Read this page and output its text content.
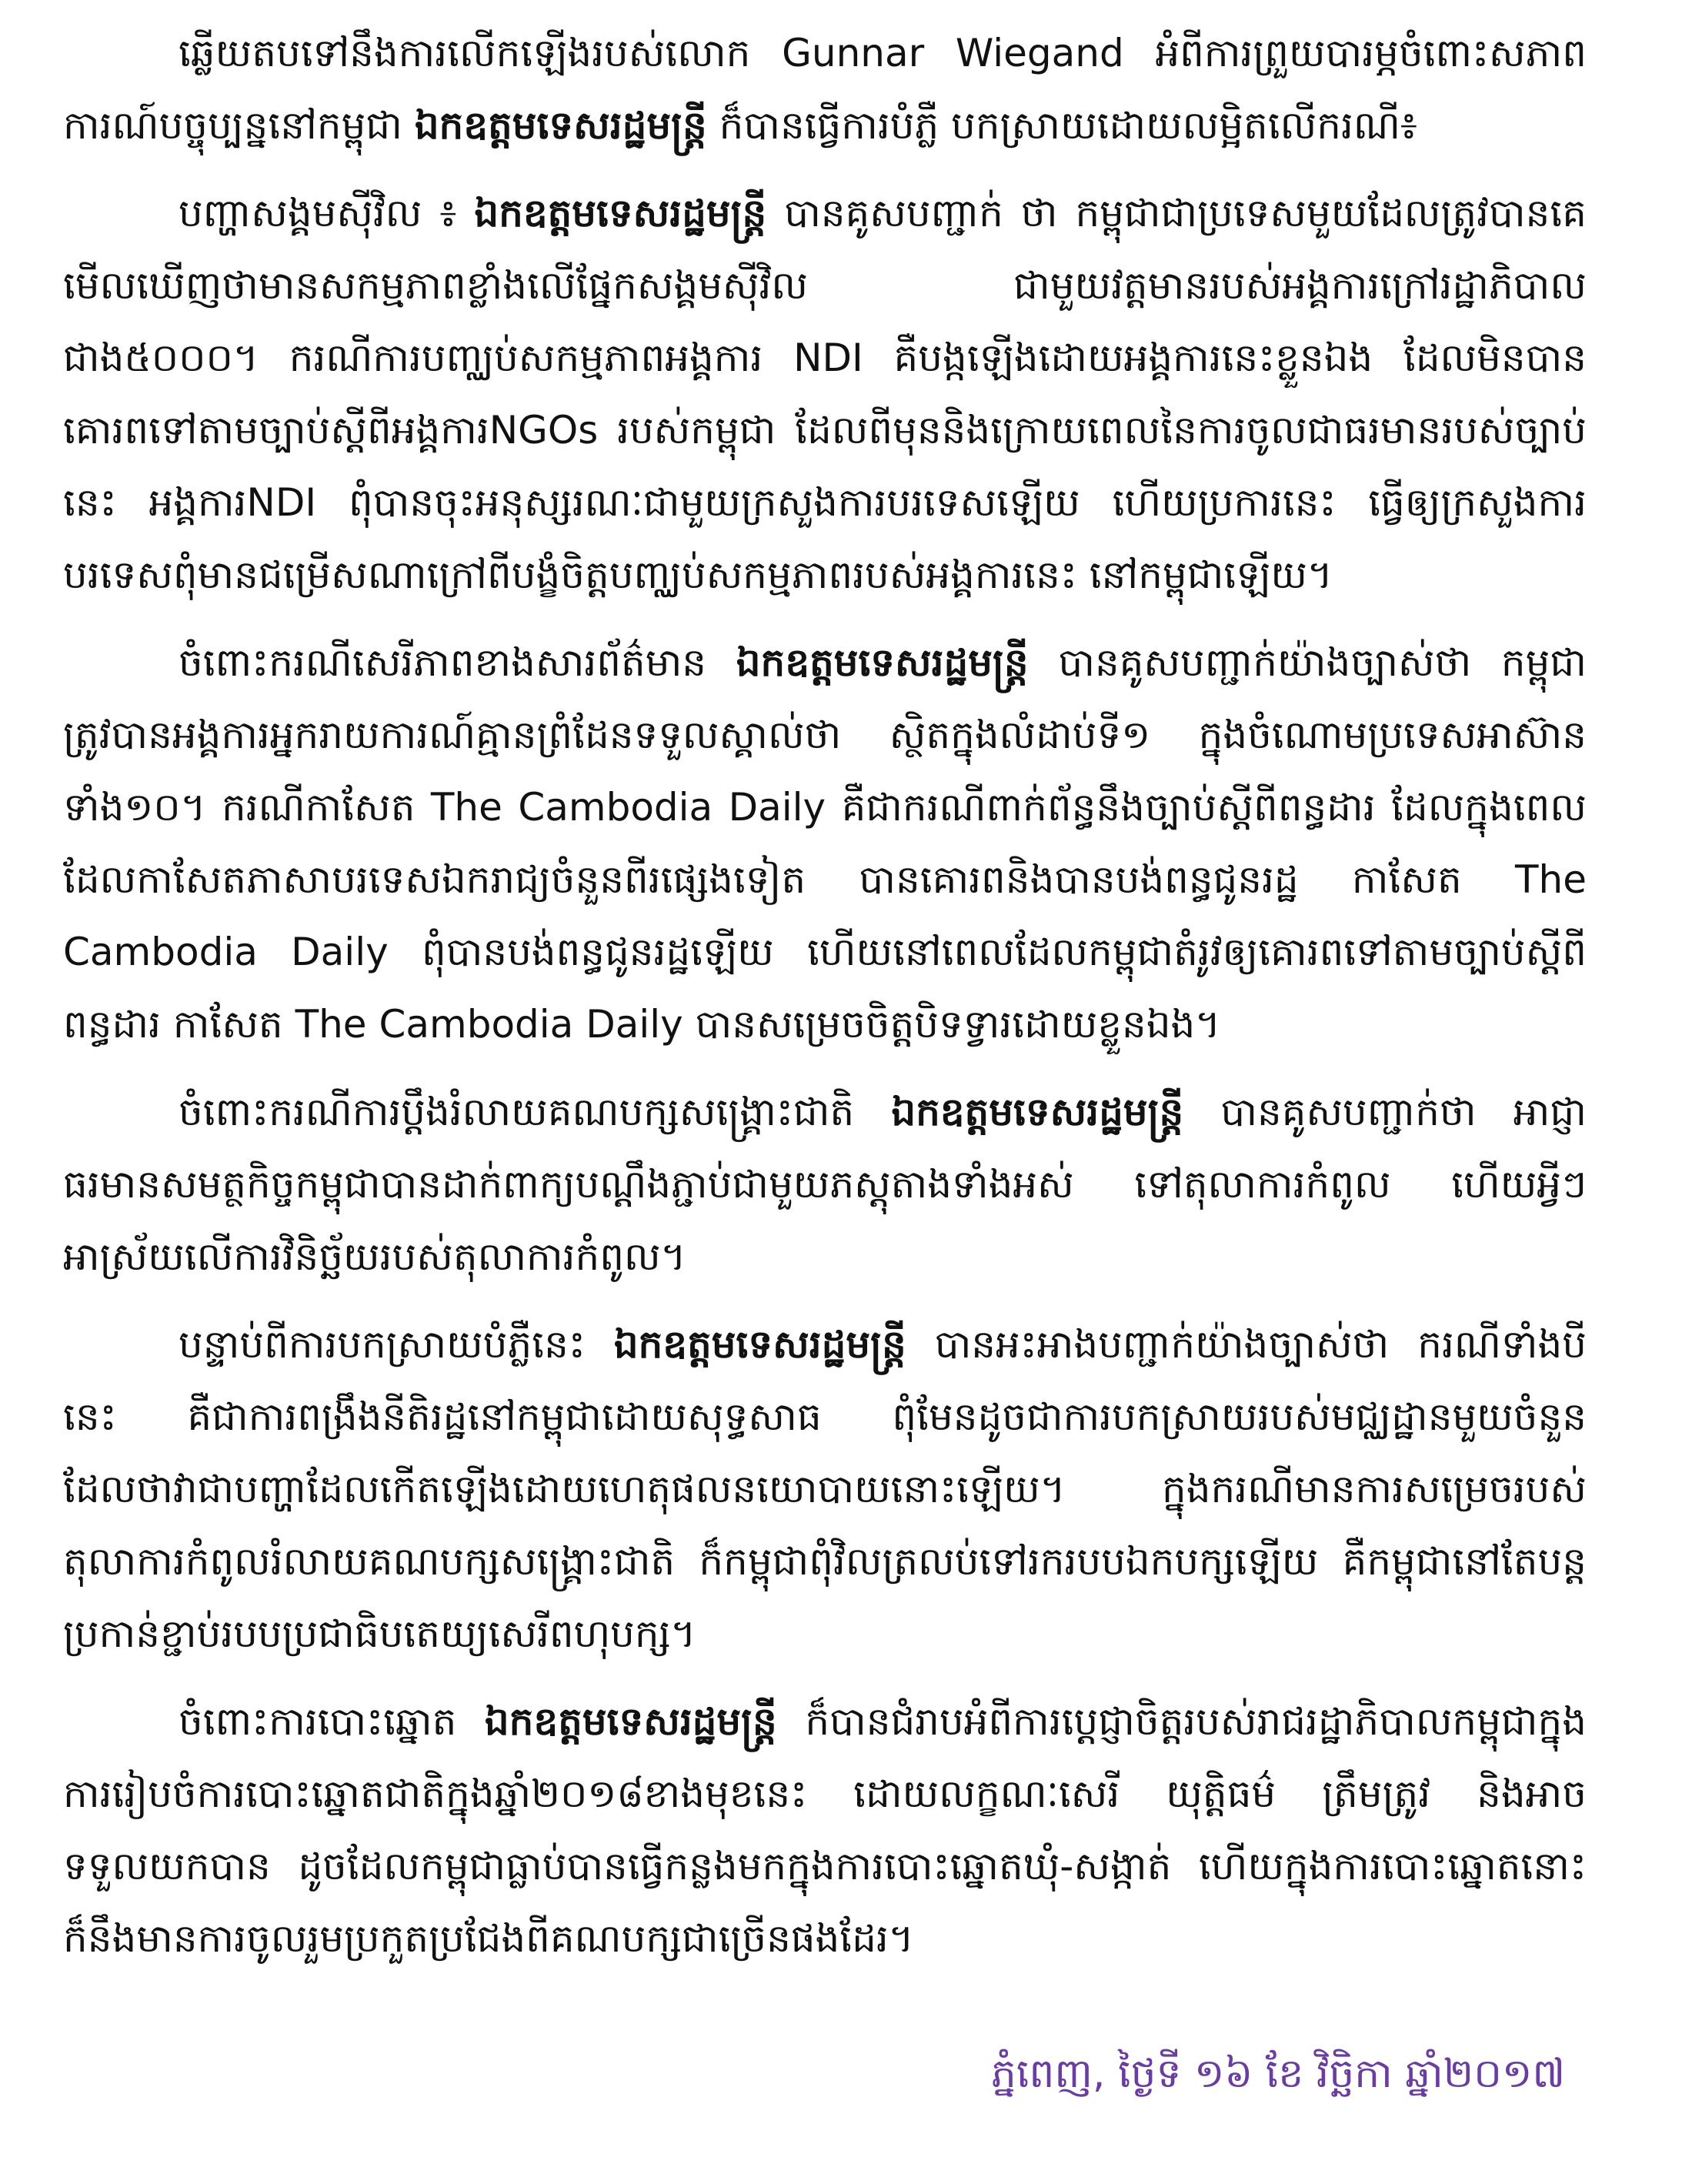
ឆ្លើយតបទៅនឹងការលើកឡើងរបស់លោក Gunnar Wiegand អំពីការព្រួយបារម្ភចំពោះសភាពការណ៍បច្ចុប្បន្ននៅកម្ពុជា ឯកឧត្តមទេសរដ្ឋមន្ត្រី ក៏បានធ្វើការបំភ្លឺ បកស្រាយដោយលម្អិតលើករណី៖

បញ្ហាសង្គមស៊ីវិល ៖ ឯកឧត្តមទេសរដ្ឋមន្ត្រី បានគូសបញ្ជាក់ ថា កម្ពុជាជាប្រទេសមួយដែលត្រូវបានគេមើលឃើញថាមានសកម្មភាពខ្លាំងលើផ្នែកសង្គមស៊ីវិល ជាមួយវត្តមានរបស់អង្គការក្រៅរដ្ឋាភិបាលជាង៥០០០។ ករណីការបញ្ឈប់សកម្មភាពអង្គការ NDI គឺបង្កឡើងដោយអង្គការនេះខ្លួនឯង ដែលមិនបានគោរពទៅតាមច្បាប់ស្តីពីអង្គការNGOs របស់កម្ពុជា ដែលពីមុននិងក្រោយពេលនៃការចូលជាធរមានរបស់ច្បាប់នេះ អង្គការNDI ពុំបានចុះអនុស្សរណៈជាមួយក្រសួងការបរទេសឡើយ ហើយប្រការនេះ ធ្វើឲ្យក្រសួងការបរទេសពុំមានជម្រើសណាក្រៅពីបង្ខំចិត្តបញ្ឈប់សកម្មភាពរបស់អង្គការនេះ នៅកម្ពុជាឡើយ។

ចំពោះករណីសេរីភាពខាងសារព័ត៌មាន ឯកឧត្តមទេសរដ្ឋមន្ត្រី បានគូសបញ្ជាក់យ៉ាងច្បាស់ថា កម្ពុជា ត្រូវបានអង្គការអ្នករាយការណ៍គ្មានព្រំដែនទទួលស្គាល់ថា ស្ថិតក្នុងលំដាប់ទី១ ក្នុងចំណោមប្រទេសអាស៊ានទាំង១០។ ករណីកាសែត The Cambodia Daily គឺជាករណីពាក់ព័ន្ធនឹងច្បាប់ស្តីពីពន្ធដារ ដែលក្នុងពេលដែលកាសែតភាសាបរទេសឯករាជ្យចំនួនពីរផ្សេងទៀត បានគោរពនិងបានបង់ពន្ធជូនរដ្ឋ កាសែត The Cambodia Daily ពុំបានបង់ពន្ធជូនរដ្ឋឡើយ ហើយនៅពេលដែលកម្ពុជាតំរូវឲ្យគោរពទៅតាមច្បាប់ស្តីពីពន្ធដារ កាសែត The Cambodia Daily បានសម្រេចចិត្តបិទទ្វារដោយខ្លួនឯង។

ចំពោះករណីការប្តឹងរំលាយគណបក្សសង្គ្រោះជាតិ ឯកឧត្តមទេសរដ្ឋមន្ត្រី បានគូសបញ្ជាក់ថា អាជ្ញាធរមានសមត្ថកិច្ចកម្ពុជាបានដាក់ពាក្យបណ្តឹងភ្ជាប់ជាមួយភស្តុតាងទាំងអស់ ទៅតុលាការកំពូល ហើយអ្វីៗអាស្រ័យលើការវិនិច្ឆ័យរបស់តុលាការកំពូល។

បន្ទាប់ពីការបកស្រាយបំភ្លឺនេះ ឯកឧត្តមទេសរដ្ឋមន្ត្រី បានអះអាងបញ្ជាក់យ៉ាងច្បាស់ថា ករណីទាំងបីនេះ គឺជាការពង្រឹងនីតិរដ្ឋនៅកម្ពុជាដោយសុទ្ធសាធ ពុំមែនដូចជាការបកស្រាយរបស់មជ្ឈដ្ឋានមួយចំនួនដែលថាវាជាបញ្ហាដែលកើតឡើងដោយហេតុផលនយោបាយនោះឡើយ។ ក្នុងករណីមានការសម្រេចរបស់តុលាការកំពូលរំលាយគណបក្សសង្គ្រោះជាតិ ក៏កម្ពុជាពុំវិលត្រលប់ទៅរករបបឯកបក្សឡើយ គឺកម្ពុជានៅតែបន្តប្រកាន់ខ្ជាប់របបប្រជាធិបតេយ្យសេរីពហុបក្ស។

ចំពោះការបោះឆ្នោត ឯកឧត្តមទេសរដ្ឋមន្ត្រី ក៏បានជំរាបអំពីការប្តេជ្ញាចិត្តរបស់រាជរដ្ឋាភិបាលកម្ពុជាក្នុងការរៀបចំការបោះឆ្នោតជាតិក្នុងឆ្នាំ២០១៨ខាងមុខនេះ ដោយលក្ខណៈសេរី យុត្តិធម៌ ត្រឹមត្រូវ និងអាចទទួលយកបាន ដូចដែលកម្ពុជាធ្លាប់បានធ្វើកន្លងមកក្នុងការបោះឆ្នោតឃុំ-សង្កាត់ ហើយក្នុងការបោះឆ្នោតនោះ ក៏នឹងមានការចូលរួមប្រកួតប្រជែងពីគណបក្សជាច្រើនផងដែរ។

ភ្នំពេញ, ថ្ងៃទី ១៦ ខែ វិច្ឆិកា ឆ្នាំ២០១៧
